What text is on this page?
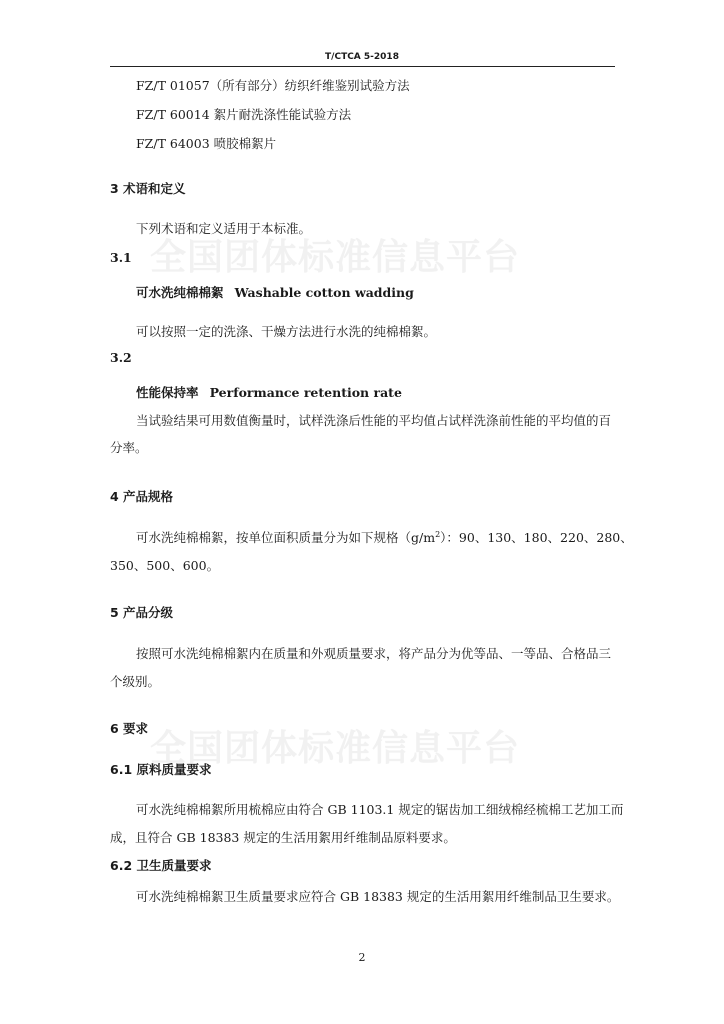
T/CTCA 5-2018
FZ/T 01057（所有部分）纺织纤维鉴别试验方法
FZ/T 60014 絮片耐洗涤性能试验方法
FZ/T 64003 喷胶棉絮片
3 术语和定义
全国团体标准信息平台
全国团体标准信息平台
下列术语和定义适用于本标准。
3.1
可水洗纯棉棉絮 Washable cotton wadding
可以按照一定的洗涤、干燥方法进行水洗的纯棉棉絮。
3.2
性能保持率 Performance retention rate
当试验结果可用数值衡量时，试样洗涤后性能的平均值占试样洗涤前性能的平均值的百
分率。
4 产品规格
可水洗纯棉棉絮，按单位面积质量分为如下规格$(g/m^2)$：90、130、180、220、280、
350、500、600。
5 产品分级
按照可水洗纯棉棉絮内在质量和外观质量要求，将产品分为优等品、一等品、合格品三
个级别。
6 要求
6.1 原料质量要求
可水洗纯棉棉絮所用梳棉应由符合 GB 1103.1 规定的锯齿加工细绒棉经梳棉工艺加工而
成，且符合 GB 18383 规定的生活用絮用纤维制品原料要求。
6.2 卫生质量要求
可水洗纯棉棉絮卫生质量要求应符合 GB 18383 规定的生活用絮用纤维制品卫生要求。
2
